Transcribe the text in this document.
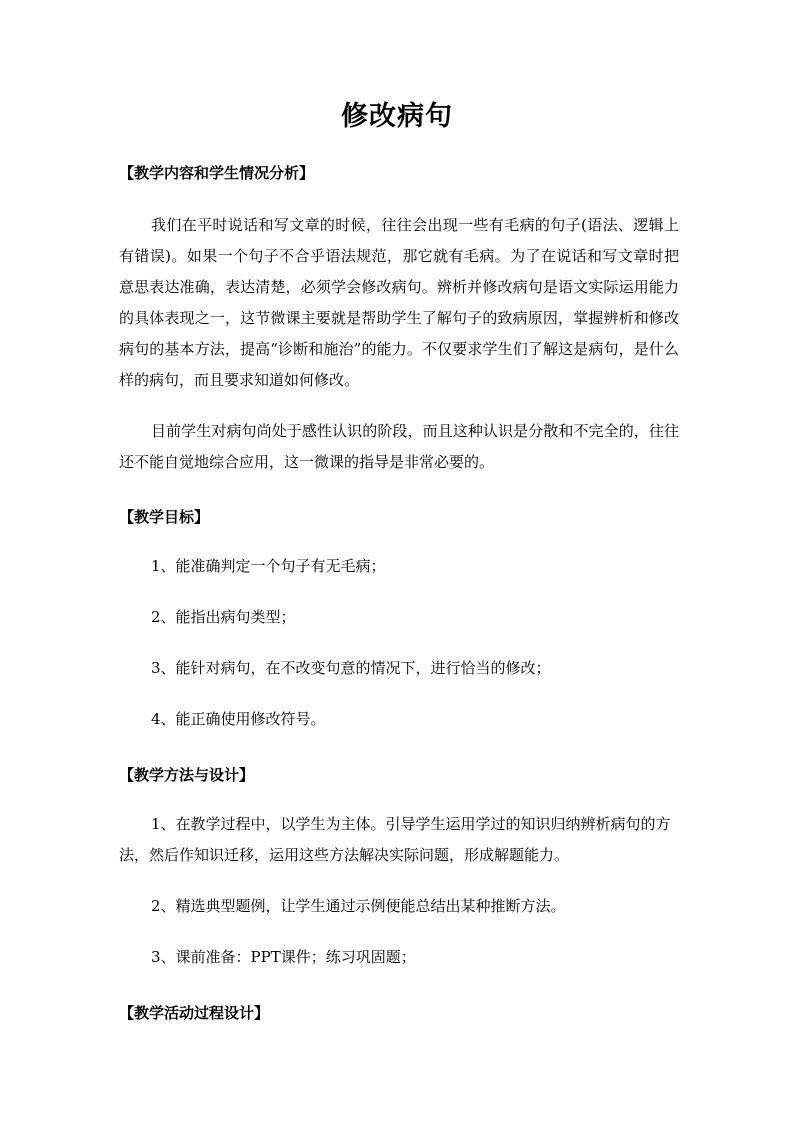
修改病句

【教学内容和学生情况分析】

我们在平时说话和写文章的时候，往往会出现一些有毛病的句子(语法、逻辑上有错误)。如果一个句子不合乎语法规范，那它就有毛病。为了在说话和写文章时把意思表达准确，表达清楚，必须学会修改病句。辨析并修改病句是语文实际运用能力的具体表现之一，这节微课主要就是帮助学生了解句子的致病原因，掌握辨析和修改病句的基本方法，提高“诊断和施治”的能力。不仅要求学生们了解这是病句，是什么样的病句，而且要求知道如何修改。

目前学生对病句尚处于感性认识的阶段，而且这种认识是分散和不完全的，往往还不能自觉地综合应用，这一微课的指导是非常必要的。

【教学目标】

1、能准确判定一个句子有无毛病；

2、能指出病句类型；

3、能针对病句，在不改变句意的情况下，进行恰当的修改；

4、能正确使用修改符号。

【教学方法与设计】

1、在教学过程中，以学生为主体。引导学生运用学过的知识归纳辨析病句的方法，然后作知识迁移，运用这些方法解决实际问题，形成解题能力。

2、精选典型题例，让学生通过示例便能总结出某种推断方法。

3、课前准备：PPT课件；练习巩固题；

【教学活动过程设计】
